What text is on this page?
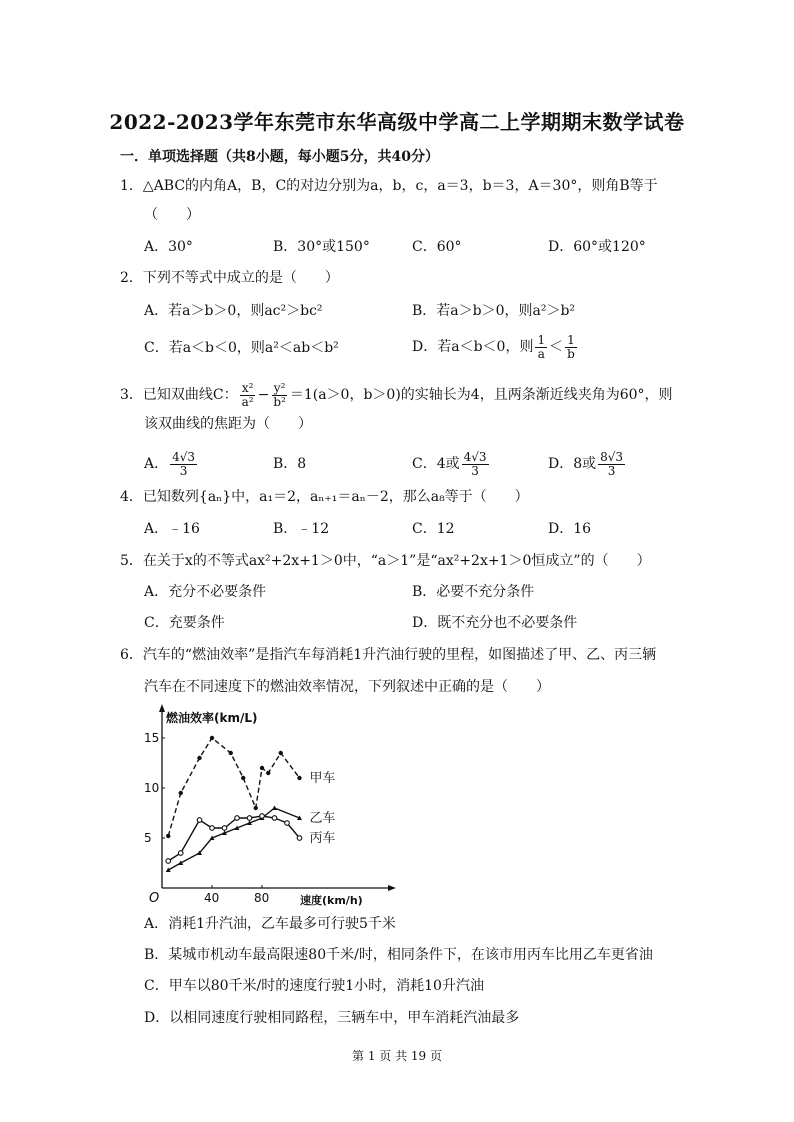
2022-2023学年东莞市东华高级中学高二上学期期末数学试卷
一．单项选择题（共8小题，每小题5分，共40分）
1．△ABC的内角A，B，C的对边分别为a，b，c，a＝3，b＝3，A＝30°，则角B等于
（　　）
A．30°	B．30°或150°	C．60°	D．60°或120°
2．下列不等式中成立的是（　　）
A．若a＞b＞0，则ac²＞bc²	B．若a＞b＞0，则a²＞b²
C．若a＜b＜0，则a²＜ab＜b²	D．若a＜b＜0，则 $\frac{1}{a} < \frac{1}{b}$
3．已知双曲线C： $\frac{\text{x²}}{\text{a²}} - \frac{\text{y²}}{\text{b²}} =1(a>0$，b＞0)的实轴长为4，且两条渐近线夹角为60°，则
该双曲线的焦距为（　　）
A． $\frac{4√3}{3}$	B．8	C．4或 $\frac{4√3}{3}$	D．8或 $\frac{8√3}{3}$
4．已知数列{aₙ}中，a₁＝2，aₙ₊₁＝aₙ－2，那么a₈等于（　　）
A．﹣16	B．﹣12	C．12	D．16
5．在关于x的不等式ax²+2x+1＞0中，“a＞1”是“ax²+2x+1＞0恒成立”的（　　）
A．充分不必要条件	B．必要不充分条件
C．充要条件	D．既不充分也不必要条件
6．汽车的“燃油效率”是指汽车每消耗1升汽油行驶的里程，如图描述了甲、乙、丙三辆
汽车在不同速度下的燃油效率情况，下列叙述中正确的是（　　）
燃油效率(km/L)
速度(km/h)
O
5
10
15
40	80
甲车
乙车
丙车
A．消耗1升汽油，乙车最多可行驶5千米
B．某城市机动车最高限速80千米/时，相同条件下，在该市用丙车比用乙车更省油
C．甲车以80千米/时的速度行驶1小时，消耗10升汽油
D．以相同速度行驶相同路程，三辆车中，甲车消耗汽油最多
第 1 页 共 19 页
